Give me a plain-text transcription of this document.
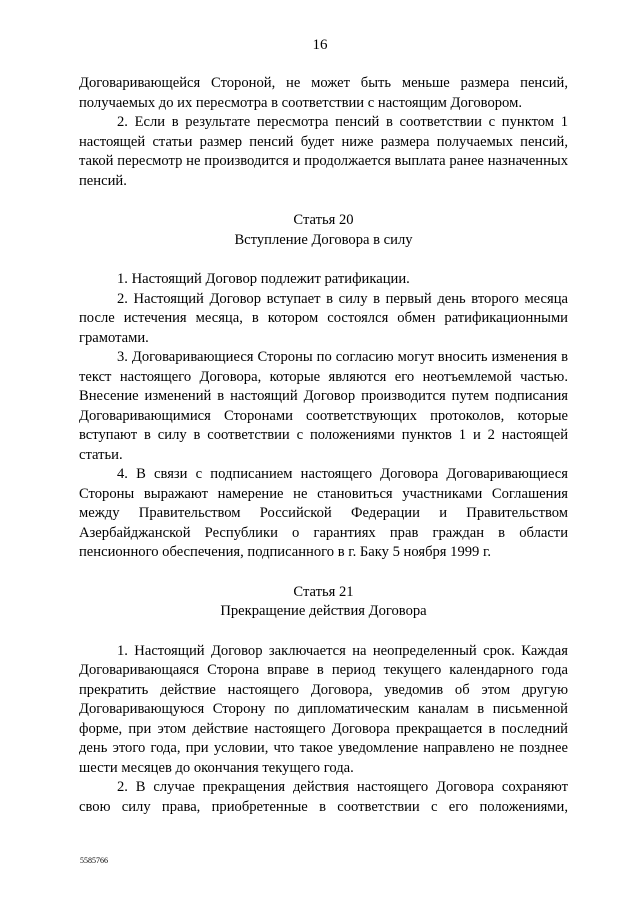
16

Договаривающейся Стороной, не может быть меньше размера пенсий, получаемых до их пересмотра в соответствии с настоящим Договором.

2. Если в результате пересмотра пенсий в соответствии с пунктом 1 настоящей статьи размер пенсий будет ниже размера получаемых пенсий, такой пересмотр не производится и продолжается выплата ранее назначенных пенсий.

Статья 20

Вступление Договора в силу

1. Настоящий Договор подлежит ратификации.

2. Настоящий Договор вступает в силу в первый день второго месяца после истечения месяца, в котором состоялся обмен ратификационными грамотами.

3. Договаривающиеся Стороны по согласию могут вносить изменения в текст настоящего Договора, которые являются его неотъемлемой частью. Внесение изменений в настоящий Договор производится путем подписания Договаривающимися Сторонами соответствующих протоколов, которые вступают в силу в соответствии с положениями пунктов 1 и 2 настоящей статьи.

4. В связи с подписанием настоящего Договора Договаривающиеся Стороны выражают намерение не становиться участниками Соглашения между Правительством Российской Федерации и Правительством Азербайджанской Республики о гарантиях прав граждан в области пенсионного обеспечения, подписанного в г. Баку 5 ноября 1999 г.

Статья 21

Прекращение действия Договора

1. Настоящий Договор заключается на неопределенный срок. Каждая Договаривающаяся Сторона вправе в период текущего календарного года прекратить действие настоящего Договора, уведомив об этом другую Договаривающуюся Сторону по дипломатическим каналам в письменной форме, при этом действие настоящего Договора прекращается в последний день этого года, при условии, что такое уведомление направлено не позднее шести месяцев до окончания текущего года.

2. В случае прекращения действия настоящего Договора сохраняют свою силу права, приобретенные в соответствии с его положениями,

5585766
